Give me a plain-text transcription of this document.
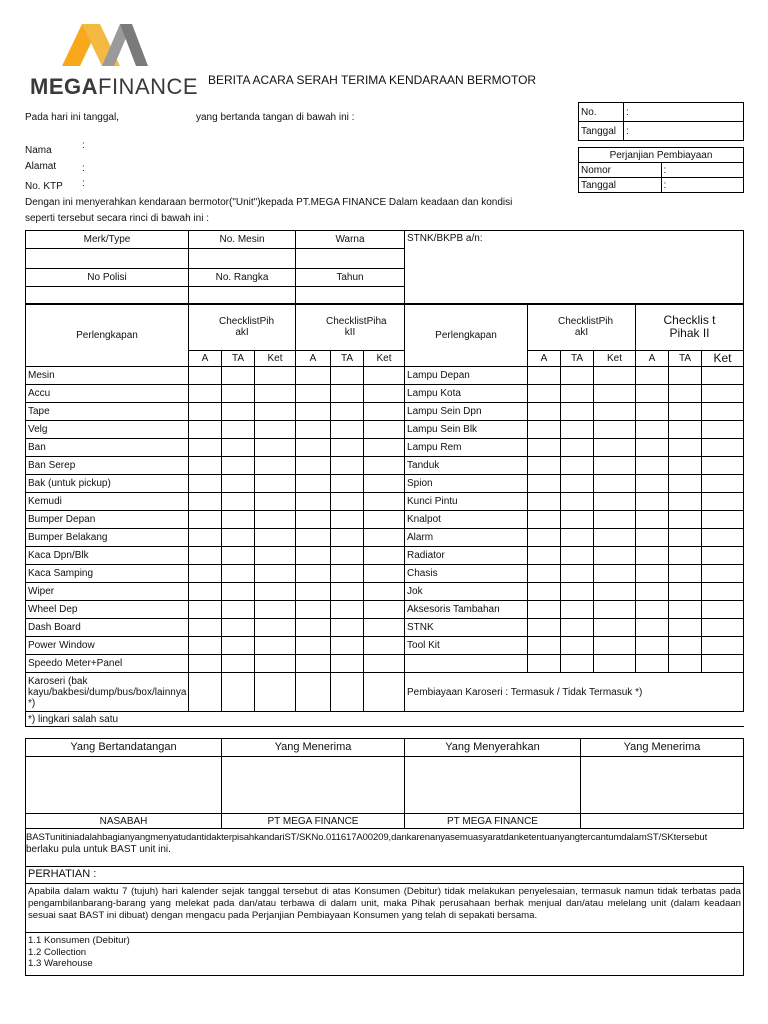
MEGAFINANCE BERITA ACARA SERAH TERIMA KENDARAAN BERMOTOR
No.	:
Tanggal	:
Perjanjian Pembiayaan	
Nomor	:
Tanggal	:
Pada hari ini tanggal,	yang bertanda tangan di bawah ini :
Nama	:
Alamat	:
No. KTP :
Dengan ini menyerahkan kendaraan bermotor("Unit")kepada PT.MEGA FINANCE Dalam keadaan dan kondisi
seperti tersebut secara rinci di bawah ini :
Merk/Type	No. Mesin	Warna	STNK/BKPB a/n:

No Polisi	No. Rangka	Tahun	

Perlengkapan	ChecklistPih akI			ChecklistPiha kII			Perlengkapan	ChecklistPih akI			Checklis t Pihak II		
	A	TA	Ket	A	TA	Ket		A	TA	Ket	A	TA	Ket
Mesin							Lampu Depan						
Accu							Lampu Kota						
Tape							Lampu Sein Dpn						
Velg							Lampu Sein Blk						
Ban							Lampu Rem						
Ban Serep							Tanduk						
Bak (untuk pickup)							Spion						
Kemudi							Kunci Pintu						
Bumper Depan							Knalpot						
Bumper Belakang							Alarm						
Kaca Dpn/Blk							Radiator						
Kaca Samping							Chasis						
Wiper							Jok						
Wheel Dep							Aksesoris Tambahan						
Dash Board							STNK						
Power Window							Tool Kit						
Speedo Meter+Panel													
Karoseri (bak kayu/bakbesi/dump/bus/box/lainnya *)							Pembiayaan Karoseri : Termasuk / Tidak Termasuk *)						
*) lingkari salah satu													
Yang Bertandatangan	Yang Menerima	Yang Menyerahkan	Yang Menerima

NASABAH	PT MEGA FINANCE	PT MEGA FINANCE	
BASTunitiniadalahbagianyangmenyatudantidakterpisahkandariST/SKNo.011617A00209,dankarenanyasemuasyaratdanketentuanyangtercantumdalamST/SKtersebut
berlaku pula untuk BAST unit ini.
PERHATIAN :
Apabila dalam waktu 7 (tujuh) hari kalender sejak tanggal tersebut di atas Konsumen (Debitur) tidak melakukan penyelesaian, termasuk namun tidak terbatas pada pengambilanbarang-barang yang melekat pada dan/atau terbawa di dalam unit, maka Pihak perusahaan berhak menjual dan/atau melelang unit (dalam keadaan sesuai saat BAST ini dibuat) dengan mengacu pada Perjanjian Pembiayaan Konsumen yang telah di sepakati bersama.
1.1 Konsumen (Debitur)
1.2 Collection
1.3 Warehouse
